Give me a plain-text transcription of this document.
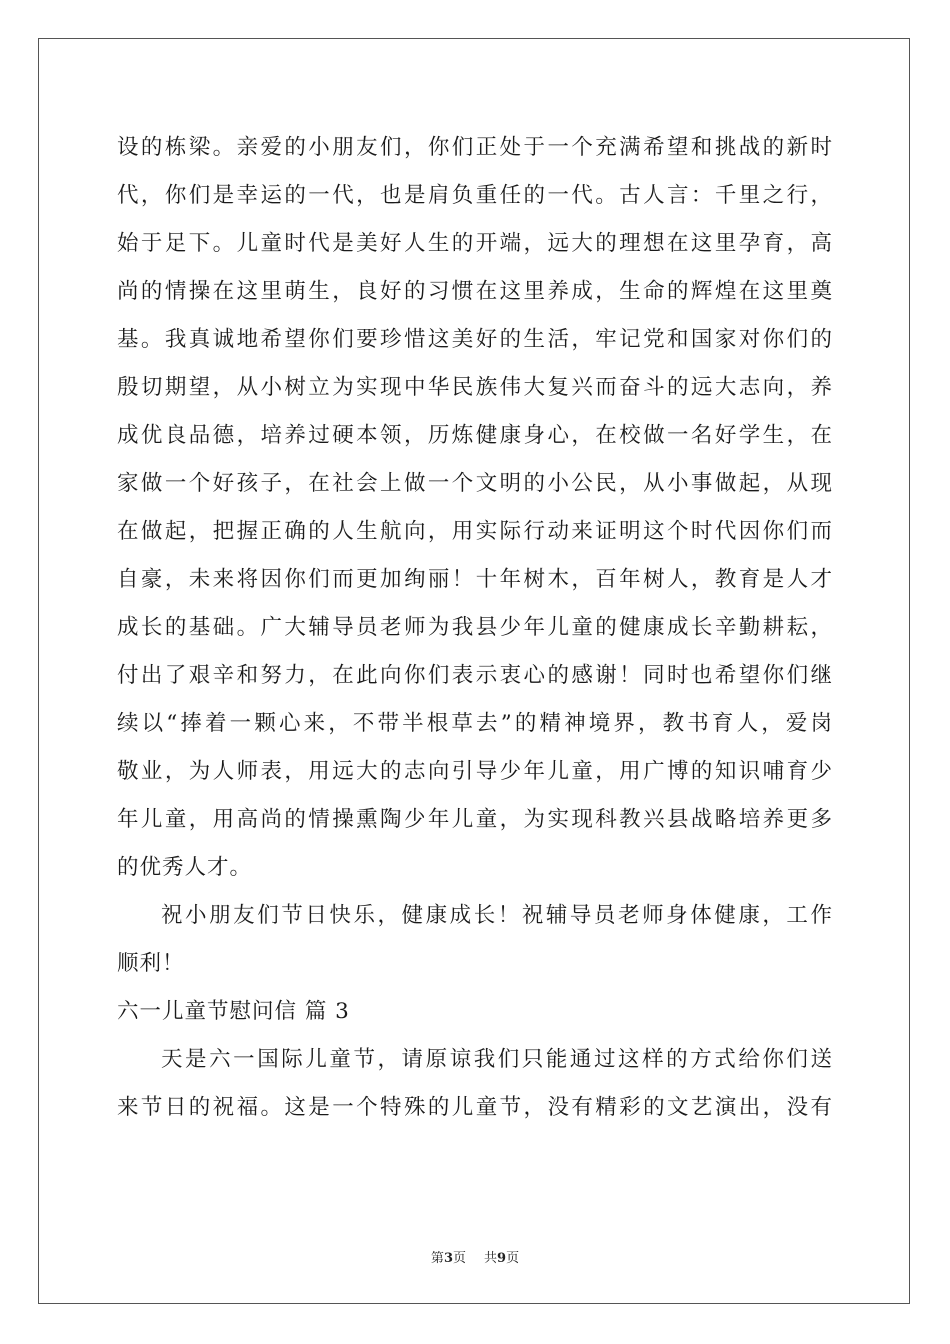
设的栋梁。亲爱的小朋友们，你们正处于一个充满希望和挑战的新时
代，你们是幸运的一代，也是肩负重任的一代。古人言：千里之行，
始于足下。儿童时代是美好人生的开端，远大的理想在这里孕育，高
尚的情操在这里萌生，良好的习惯在这里养成，生命的辉煌在这里奠
基。我真诚地希望你们要珍惜这美好的生活，牢记党和国家对你们的
殷切期望，从小树立为实现中华民族伟大复兴而奋斗的远大志向，养
成优良品德，培养过硬本领，历炼健康身心，在校做一名好学生，在
家做一个好孩子，在社会上做一个文明的小公民，从小事做起，从现
在做起，把握正确的人生航向，用实际行动来证明这个时代因你们而
自豪，未来将因你们而更加绚丽！十年树木，百年树人，教育是人才
成长的基础。广大辅导员老师为我县少年儿童的健康成长辛勤耕耘，
付出了艰辛和努力，在此向你们表示衷心的感谢！同时也希望你们继
续以“捧着一颗心来，不带半根草去”的精神境界，教书育人，爱岗
敬业，为人师表，用远大的志向引导少年儿童，用广博的知识哺育少
年儿童，用高尚的情操熏陶少年儿童，为实现科教兴县战略培养更多
的优秀人才。
祝小朋友们节日快乐，健康成长！祝辅导员老师身体健康，工作
顺利！
六一儿童节慰问信 篇 3
天是六一国际儿童节，请原谅我们只能通过这样的方式给你们送
来节日的祝福。这是一个特殊的儿童节，没有精彩的文艺演出，没有
第3页 共9页
